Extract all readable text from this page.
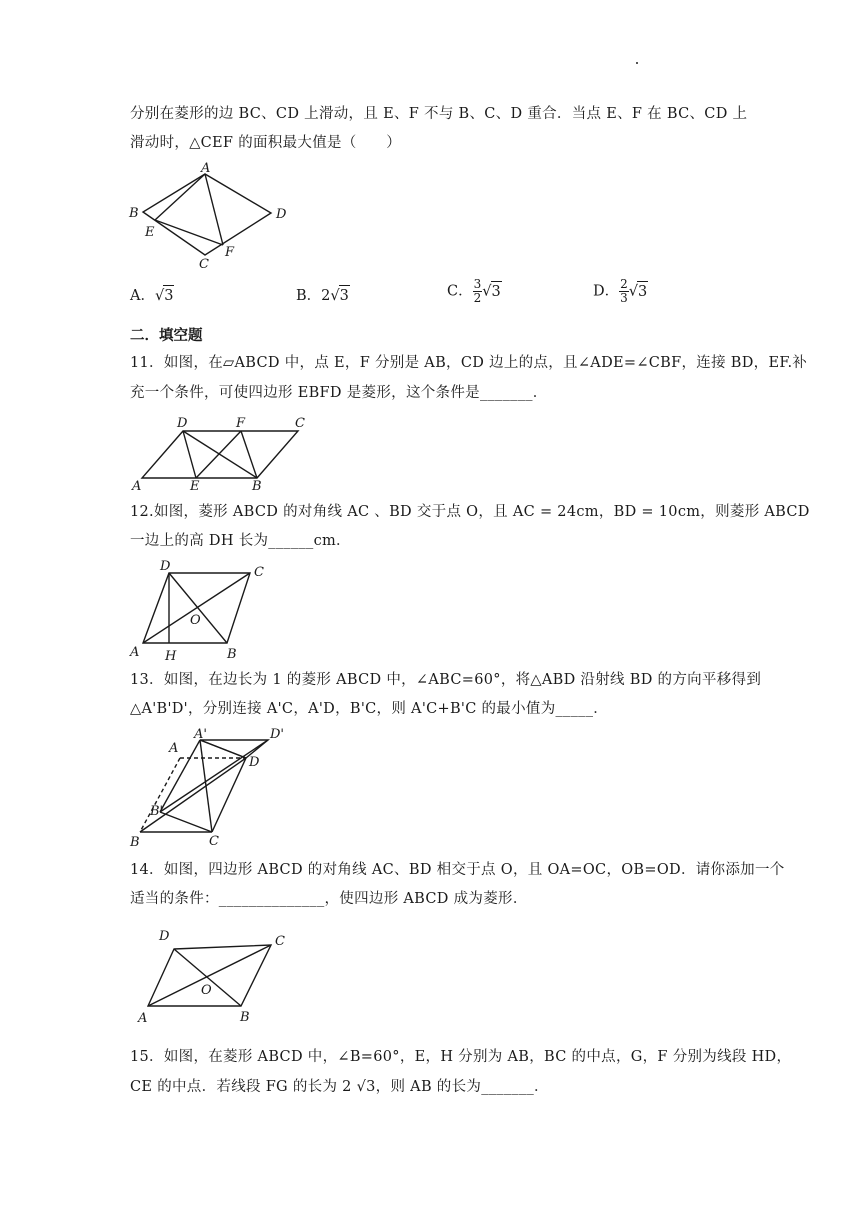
分别在菱形的边 BC、CD 上滑动，且 E、F 不与 B、C、D 重合．当点 E、F 在 BC、CD 上
滑动时，△CEF 的面积最大值是（　　）
A
B	D
E
F
C
A．√3	B．2√3	C． $\frac{3}{2} √3$	D． $\frac{2}{3} √3$
二．填空题
11．如图，在▱ABCD 中，点 E，F 分别是 AB，CD 边上的点，且∠ADE=∠CBF，连接 BD，EF.补
充一个条件，可使四边形 EBFD 是菱形，这个条件是_______．
D	F	C
A	E	B
12.如图，菱形 ABCD 的对角线 AC 、BD 交于点 O，且 AC = 24cm，BD = 10cm，则菱形 ABCD
一边上的高 DH 长为______cm．
D	C
O
A H	B
13．如图，在边长为 1 的菱形 ABCD 中，∠ABC=60°，将△ABD 沿射线 BD 的方向平移得到
△A'B'D'，分别连接 A'C，A'D，B'C，则 A'C+B'C 的最小值为_____．
A
A'	D'
D
B'
B	C
14．如图，四边形 ABCD 的对角线 AC、BD 相交于点 O，且 OA=OC，OB=OD．请你添加一个
适当的条件：______________，使四边形 ABCD 成为菱形．
D	C
O
A	B
15．如图，在菱形 ABCD 中，∠B=60°，E，H 分别为 AB，BC 的中点，G，F 分别为线段 HD，
CE 的中点．若线段 FG 的长为 2 √3，则 AB 的长为_______．
